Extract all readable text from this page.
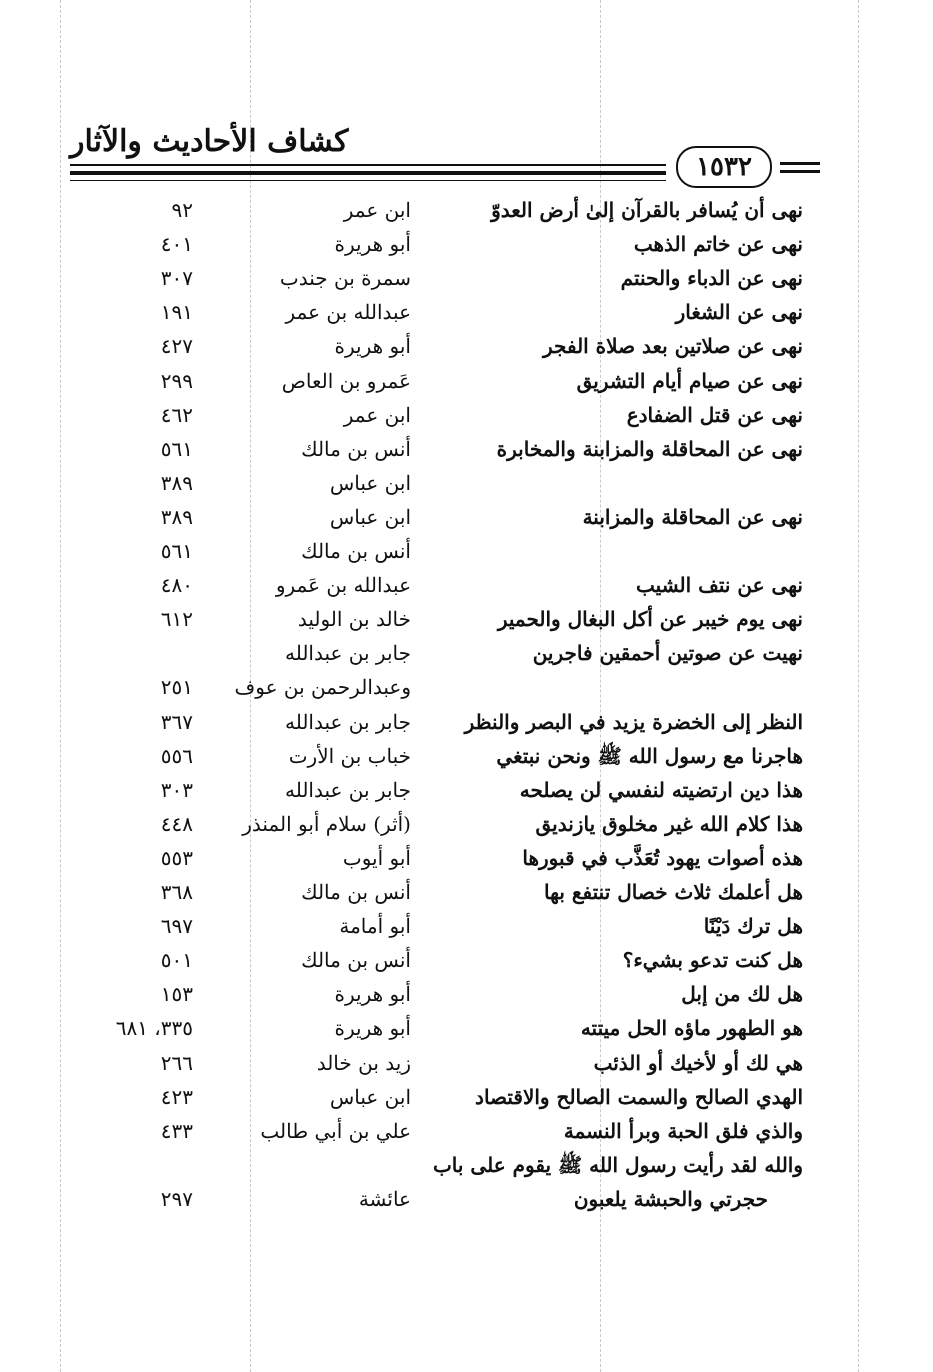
كشاف الأحاديث والآثار
١٥٣٢
نهى أن يُسافر بالقرآن إلىٰ أرض العدوّ
ابن عمر
٩٢
نهى عن خاتم الذهب
أبو هريرة
٤٠١
نهى عن الدباء والحنتم
سمرة بن جندب
٣٠٧
نهى عن الشغار
عبدالله بن عمر
١٩١
نهى عن صلاتين بعد صلاة الفجر
أبو هريرة
٤٢٧
نهى عن صيام أيام التشريق
عَمرو بن العاص
٢٩٩
نهى عن قتل الضفادع
ابن عمر
٤٦٢
نهى عن المحاقلة والمزابنة والمخابرة
أنس بن مالك
٥٦١
ابن عباس
٣٨٩
نهى عن المحاقلة والمزابنة
ابن عباس
٣٨٩
أنس بن مالك
٥٦١
نهى عن نتف الشيب
عبدالله بن عَمرو
٤٨٠
نهى يوم خيبر عن أكل البغال والحمير
خالد بن الوليد
٦١٢
نهيت عن صوتين أحمقين فاجرين
جابر بن عبدالله
وعبدالرحمن بن عوف
٢٥١
النظر إلى الخضرة يزيد في البصر والنظر
جابر بن عبدالله
٣٦٧
هاجرنا مع رسول الله ﷺ ونحن نبتغي
خباب بن الأرت
٥٥٦
هذا دين ارتضيته لنفسي لن يصلحه
جابر بن عبدالله
٣٠٣
هذا كلام الله غير مخلوق يازنديق
(أثر) سلام أبو المنذر
٤٤٨
هذه أصوات يهود تُعَذَّب في قبورها
أبو أيوب
٥٥٣
هل أعلمك ثلاث خصال تنتفع بها
أنس بن مالك
٣٦٨
هل ترك دَيْنًا
أبو أمامة
٦٩٧
هل كنت تدعو بشيء؟
أنس بن مالك
٥٠١
هل لك من إبل
أبو هريرة
١٥٣
هو الطهور ماؤه الحل ميتته
أبو هريرة
٣٣٥، ٦٨١
هي لك أو لأخيك أو الذئب
زيد بن خالد
٢٦٦
الهدي الصالح والسمت الصالح والاقتصاد
ابن عباس
٤٢٣
والذي فلق الحبة وبرأ النسمة
علي بن أبي طالب
٤٣٣
والله لقد رأيت رسول الله ﷺ يقوم على باب
حجرتي والحبشة يلعبون
عائشة
٢٩٧
